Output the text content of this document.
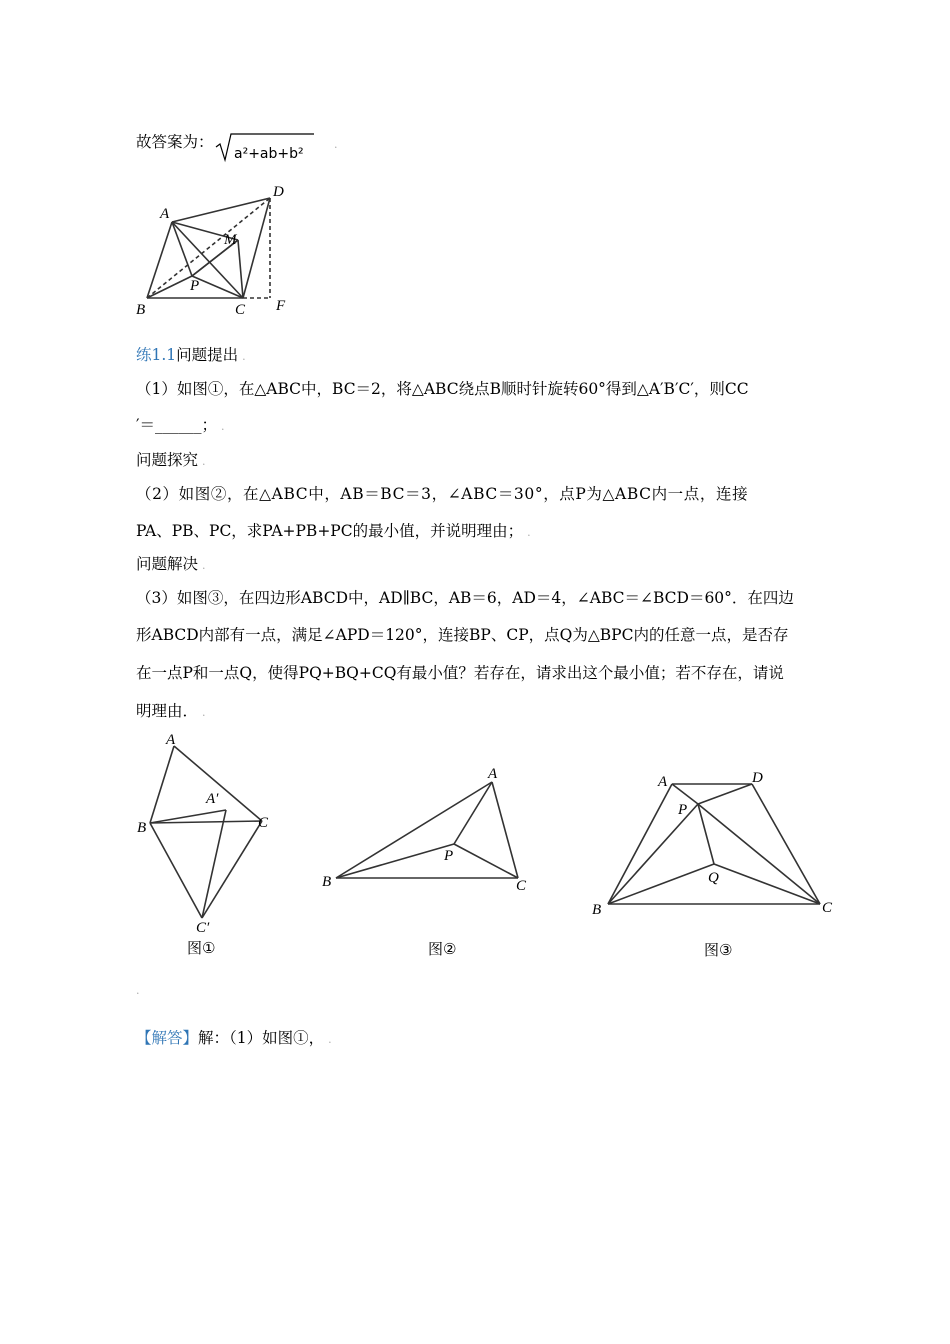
故答案为：
a²+ab+b²
.
A
D
M
P
B	C F
练1.1问题提出 .
（1）如图①，在△ABC中，BC＝2，将△ABC绕点B顺时针旋转60°得到△A′B′C′，则CC
′＝______； .
问题探究 .
（2）如图②，在△ABC中，AB＝BC＝3，∠ABC＝30°，点P为△ABC内一点，连接
PA、PB、PC，求PA+PB+PC的最小值，并说明理由； .
问题解决 .
（3）如图③，在四边形ABCD中，AD∥BC，AB＝6，AD＝4，∠ABC＝∠BCD＝60°．在四边
形ABCD内部有一点，满足∠APD＝120°，连接BP、CP，点Q为△BPC内的任意一点，是否存
在一点P和一点Q，使得PQ+BQ+CQ有最小值？若存在，请求出这个最小值；若不存在，请说
明理由． .
A
A′
B	C
C′
图①
A
P
B	C
图②
A	D
P
Q
B	C
图③
.
【解答】解：（1）如图①， .
